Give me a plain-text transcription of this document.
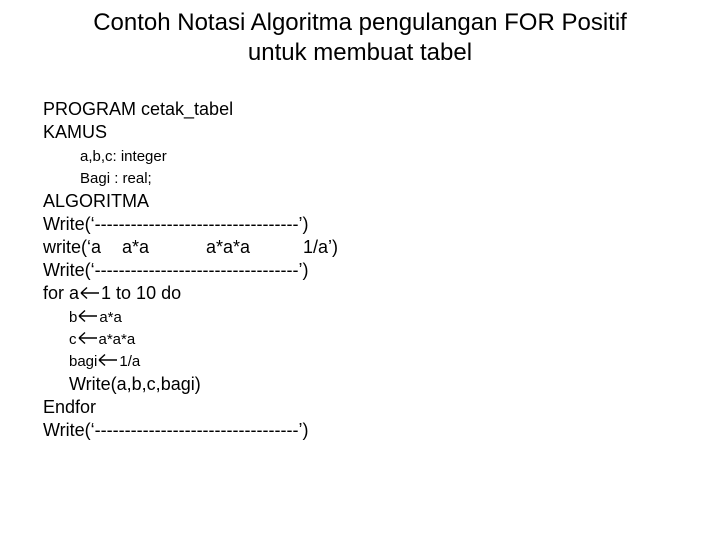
Contoh Notasi Algoritma pengulangan FOR Positif
untuk membuat tabel
PROGRAM cetak_tabel
KAMUS
a,b,c: integer
Bagi : real;
ALGORITMA
Write(‘----------------------------------’)
write(‘a a*a	a*a*a	1/a’)
Write(‘----------------------------------’)
for a 1 to 10 do
b a*a
c a*a*a
bagi 1/a
Write(a,b,c,bagi)
Endfor
Write(‘----------------------------------’)
